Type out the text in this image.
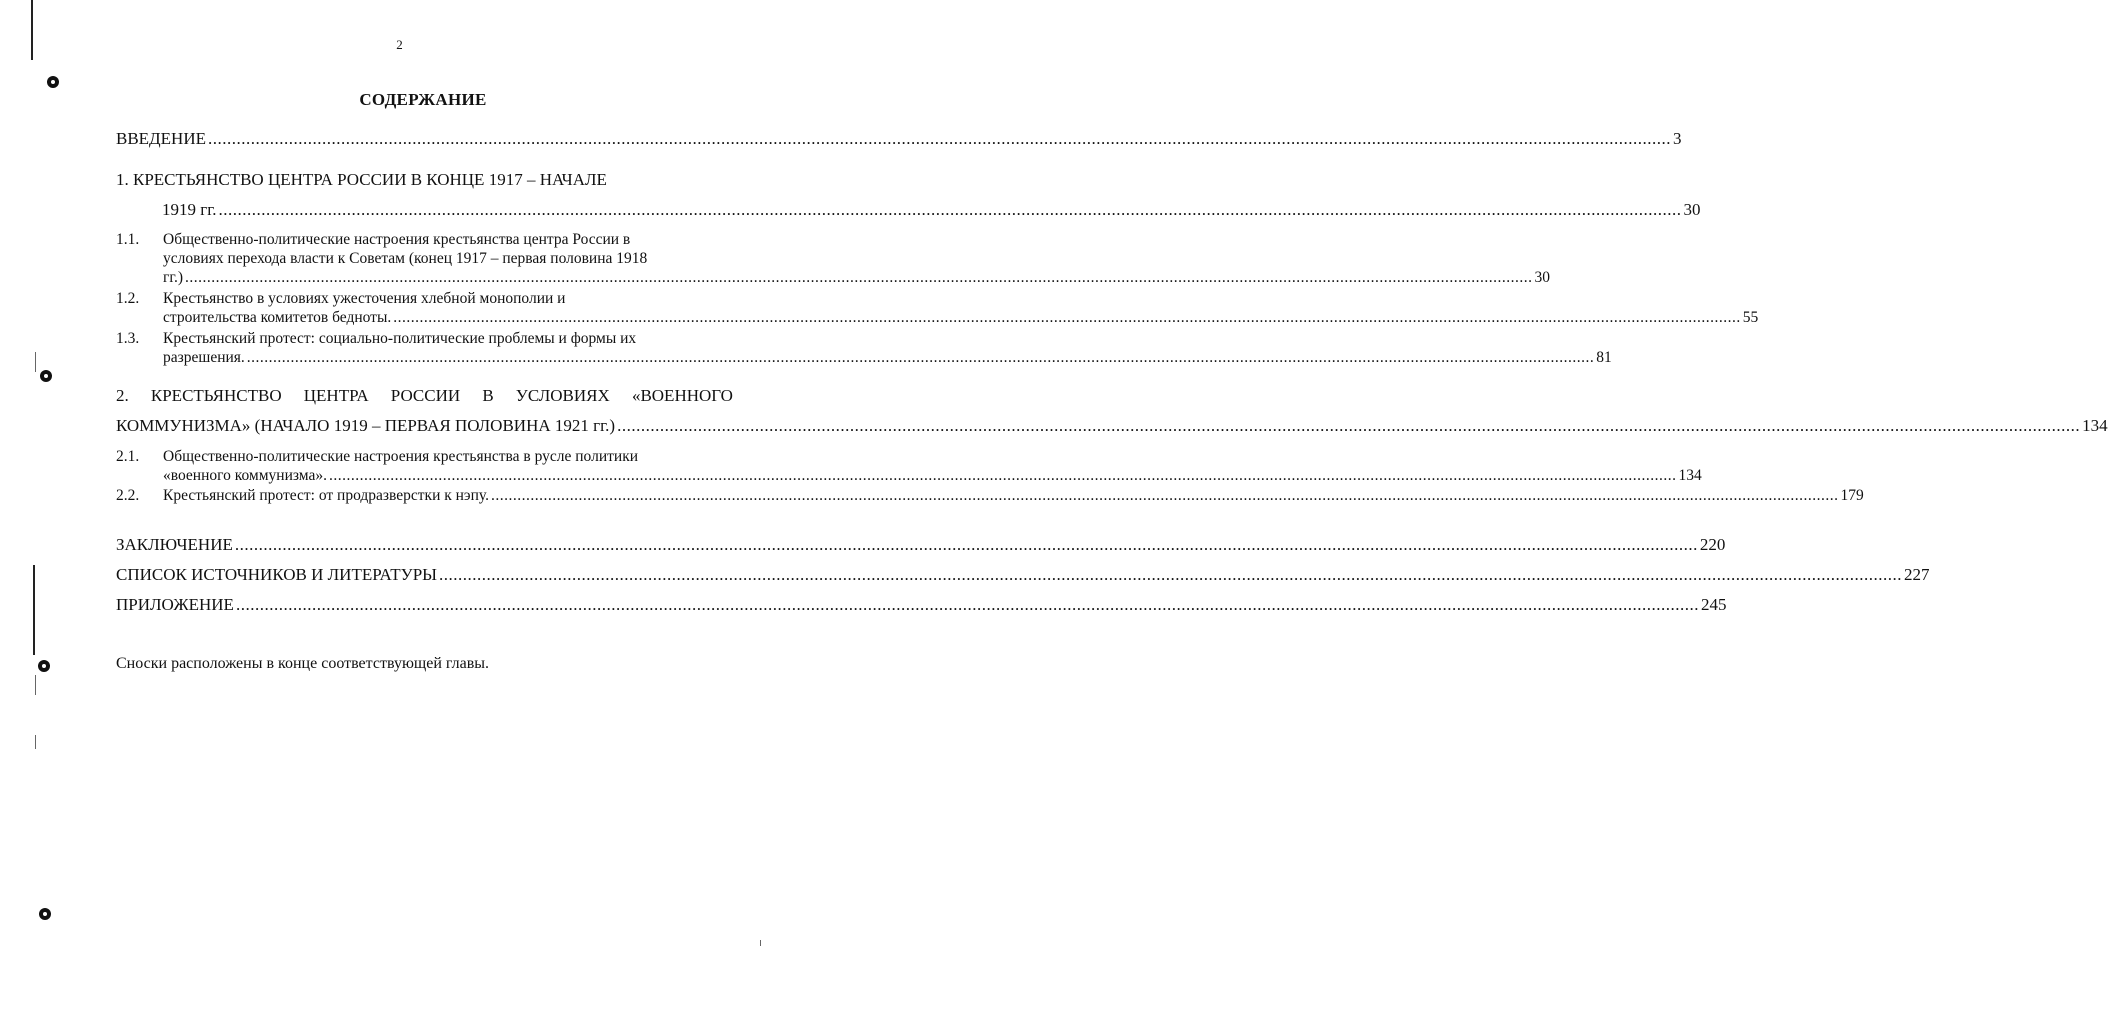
2
СОДЕРЖАНИЕ
ВВЕДЕНИЕ .....	3
1. КРЕСТЬЯНСТВО ЦЕНТРА РОССИИ В КОНЦЕ 1917 – НАЧАЛЕ
1919 гг. .....	30
1.1.	Общественно-политические настроения крестьянства центра России в
условиях перехода власти к Советам (конец 1917 – первая половина 1918
гг.) .....	30
1.2.	Крестьянство в условиях ужесточения хлебной монополии и
строительства комитетов бедноты. .....	55
1.3.	Крестьянский протест: социально-политические проблемы и формы их
разрешения. .....	81
2. КРЕСТЬЯНСТВО ЦЕНТРА РОССИИ В УСЛОВИЯХ «ВОЕННОГО
КОММУНИЗМА» (НАЧАЛО 1919 – ПЕРВАЯ ПОЛОВИНА 1921 гг.) .....	134
2.1.	Общественно-политические настроения крестьянства в русле политики
«военного коммунизма». .....	134
2.2.	Крестьянский протест: от продразверстки к нэпу. .....	179
ЗАКЛЮЧЕНИЕ .....	220
СПИСОК ИСТОЧНИКОВ И ЛИТЕРАТУРЫ .....	227
ПРИЛОЖЕНИЕ .....	245
Сноски расположены в конце соответствующей главы.
